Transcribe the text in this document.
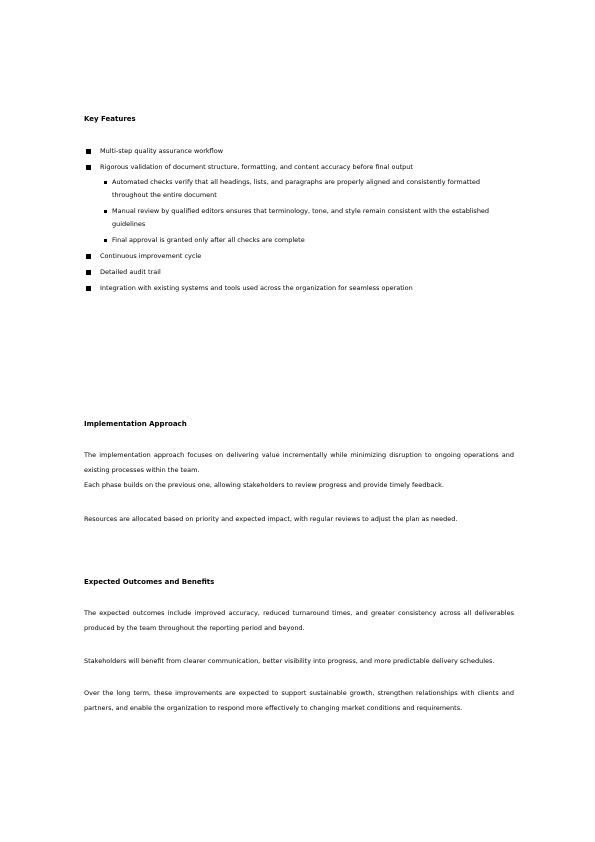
Key Features
Multi-step quality assurance workflow
Rigorous validation of document structure, formatting, and content accuracy before final output
Automated checks verify that all headings, lists, and paragraphs are properly aligned and consistently formatted throughout the entire document
Manual review by qualified editors ensures that terminology, tone, and style remain consistent with the established guidelines
Final approval is granted only after all checks are complete
Continuous improvement cycle
Detailed audit trail
Integration with existing systems and tools used across the organization for seamless operation
Implementation Approach
The implementation approach focuses on delivering value incrementally while minimizing disruption to ongoing operations and existing processes within the team.
Each phase builds on the previous one, allowing stakeholders to review progress and provide timely feedback.
Resources are allocated based on priority and expected impact, with regular reviews to adjust the plan as needed.
Expected Outcomes and Benefits
The expected outcomes include improved accuracy, reduced turnaround times, and greater consistency across all deliverables produced by the team throughout the reporting period and beyond.
Stakeholders will benefit from clearer communication, better visibility into progress, and more predictable delivery schedules.
Over the long term, these improvements are expected to support sustainable growth, strengthen relationships with clients and partners, and enable the organization to respond more effectively to changing market conditions and requirements.
